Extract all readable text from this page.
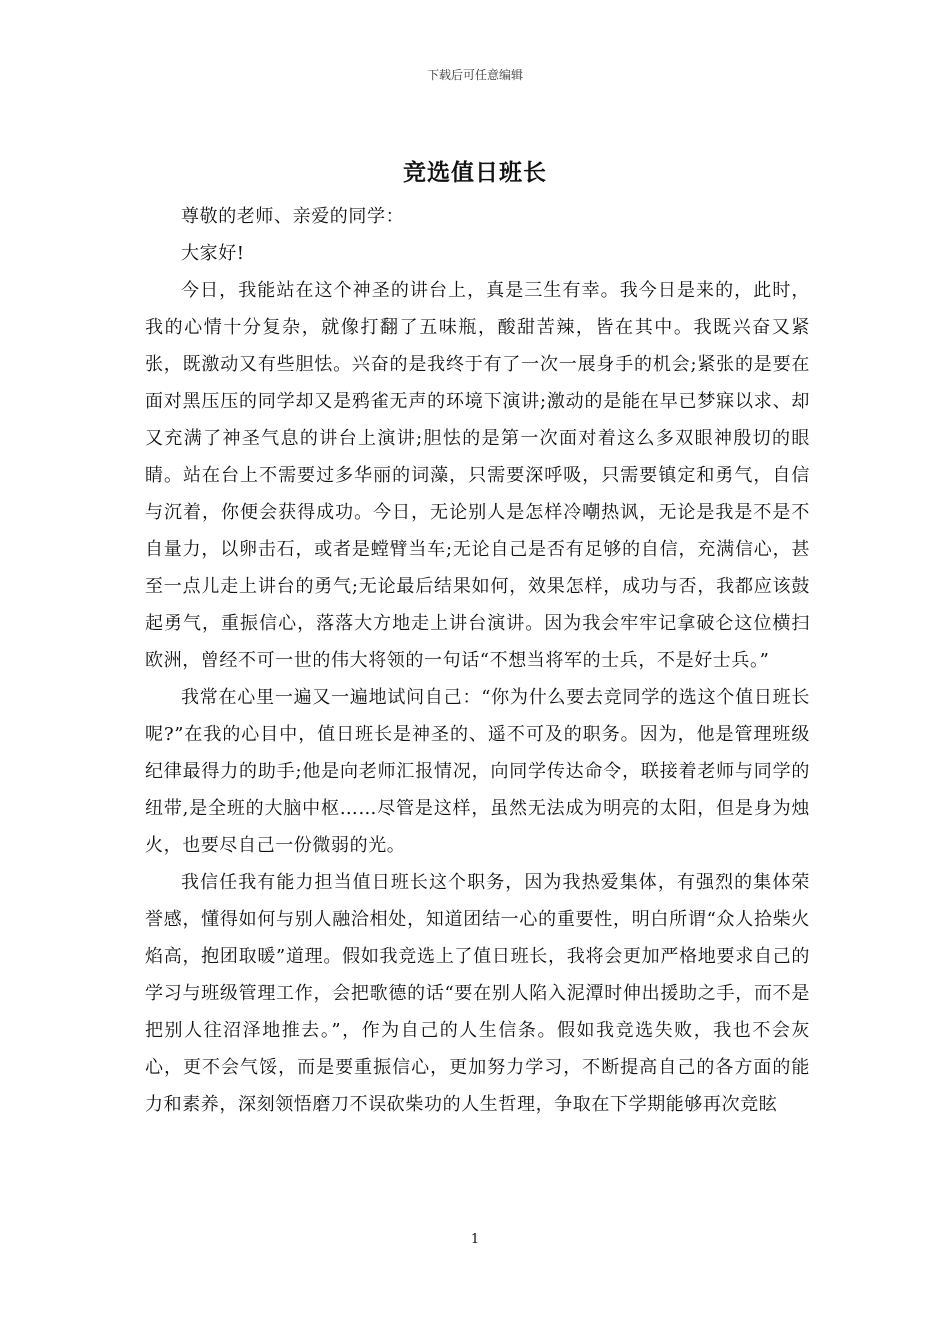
下载后可任意编辑
竞选值日班长

尊敬的老师、亲爱的同学：

大家好!

今日，我能站在这个神圣的讲台上，真是三生有幸。我今日是来的，此时，我的心情十分复杂，就像打翻了五味瓶，酸甜苦辣，皆在其中。我既兴奋又紧张，既激动又有些胆怯。兴奋的是我终于有了一次一展身手的机会;紧张的是要在面对黑压压的同学却又是鸦雀无声的环境下演讲;激动的是能在早已梦寐以求、却又充满了神圣气息的讲台上演讲;胆怯的是第一次面对着这么多双眼神殷切的眼睛。站在台上不需要过多华丽的词藻，只需要深呼吸，只需要镇定和勇气，自信与沉着，你便会获得成功。今日，无论别人是怎样冷嘲热讽，无论是我是不是不自量力，以卵击石，或者是螳臂当车;无论自己是否有足够的自信，充满信心，甚至一点儿走上讲台的勇气;无论最后结果如何，效果怎样，成功与否，我都应该鼓起勇气，重振信心，落落大方地走上讲台演讲。因为我会牢牢记拿破仑这位横扫欧洲，曾经不可一世的伟大将领的一句话“不想当将军的士兵，不是好士兵。”

我常在心里一遍又一遍地试问自己：“你为什么要去竞同学的选这个值日班长呢?”在我的心目中，值日班长是神圣的、遥不可及的职务。因为，他是管理班级纪律最得力的助手;他是向老师汇报情况，向同学传达命令，联接着老师与同学的纽带,是全班的大脑中枢……尽管是这样，虽然无法成为明亮的太阳，但是身为烛火，也要尽自己一份微弱的光。

我信任我有能力担当值日班长这个职务，因为我热爱集体，有强烈的集体荣誉感，懂得如何与别人融洽相处，知道团结一心的重要性，明白所谓“众人拾柴火焰高，抱团取暖”道理。假如我竞选上了值日班长，我将会更加严格地要求自己的学习与班级管理工作，会把歌德的话“要在别人陷入泥潭时伸出援助之手，而不是把别人往沼泽地推去。”，作为自己的人生信条。假如我竞选失败，我也不会灰心，更不会气馁，而是要重振信心，更加努力学习，不断提高自己的各方面的能力和素养，深刻领悟磨刀不误砍柴功的人生哲理，争取在下学期能够再次竞眩

1
